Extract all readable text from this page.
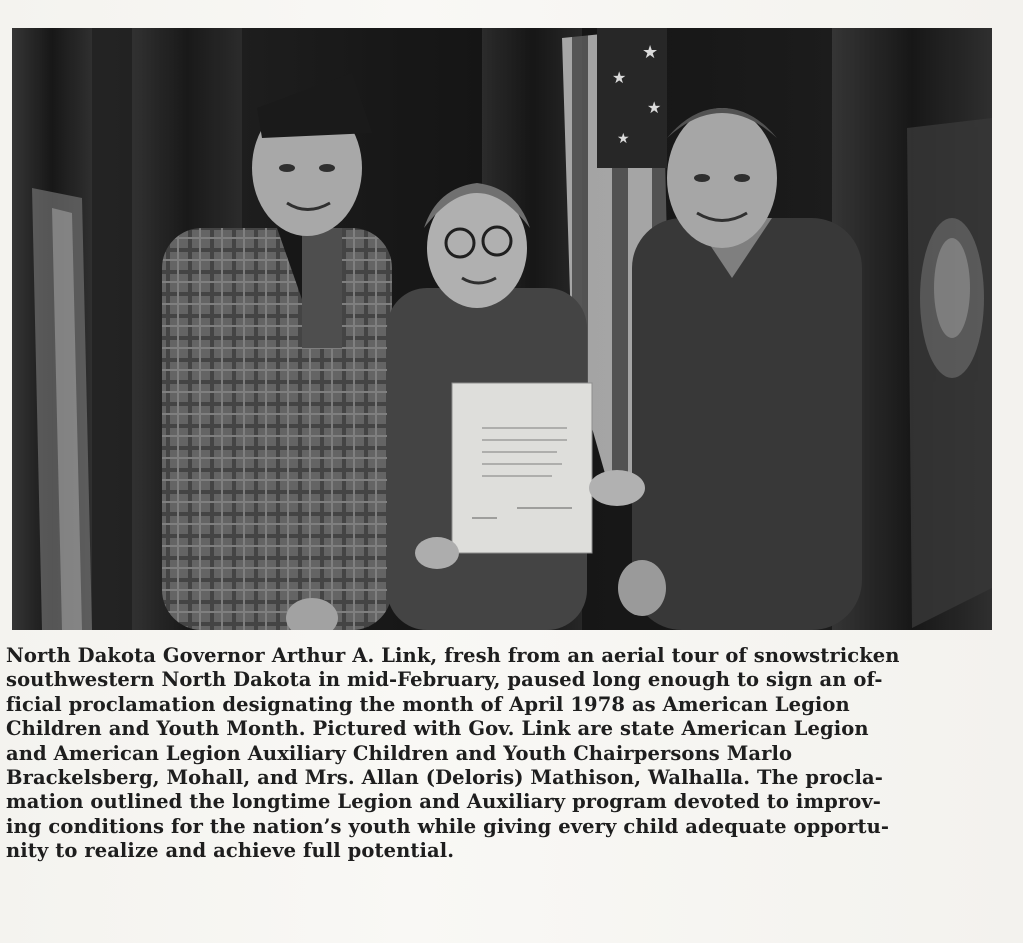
★
★
★
★
North Dakota Governor Arthur A. Link, fresh from an aerial tour of snowstricken
southwestern North Dakota in mid-February, paused long enough to sign an of-
ficial proclamation designating the month of April 1978 as American Legion
Children and Youth Month. Pictured with Gov. Link are state American Legion
and American Legion Auxiliary Children and Youth Chairpersons Marlo
Brackelsberg, Mohall, and Mrs. Allan (Deloris) Mathison, Walhalla. The procla-
mation outlined the longtime Legion and Auxiliary program devoted to improv-
ing conditions for the nation’s youth while giving every child adequate opportu-
nity to realize and achieve full potential.
